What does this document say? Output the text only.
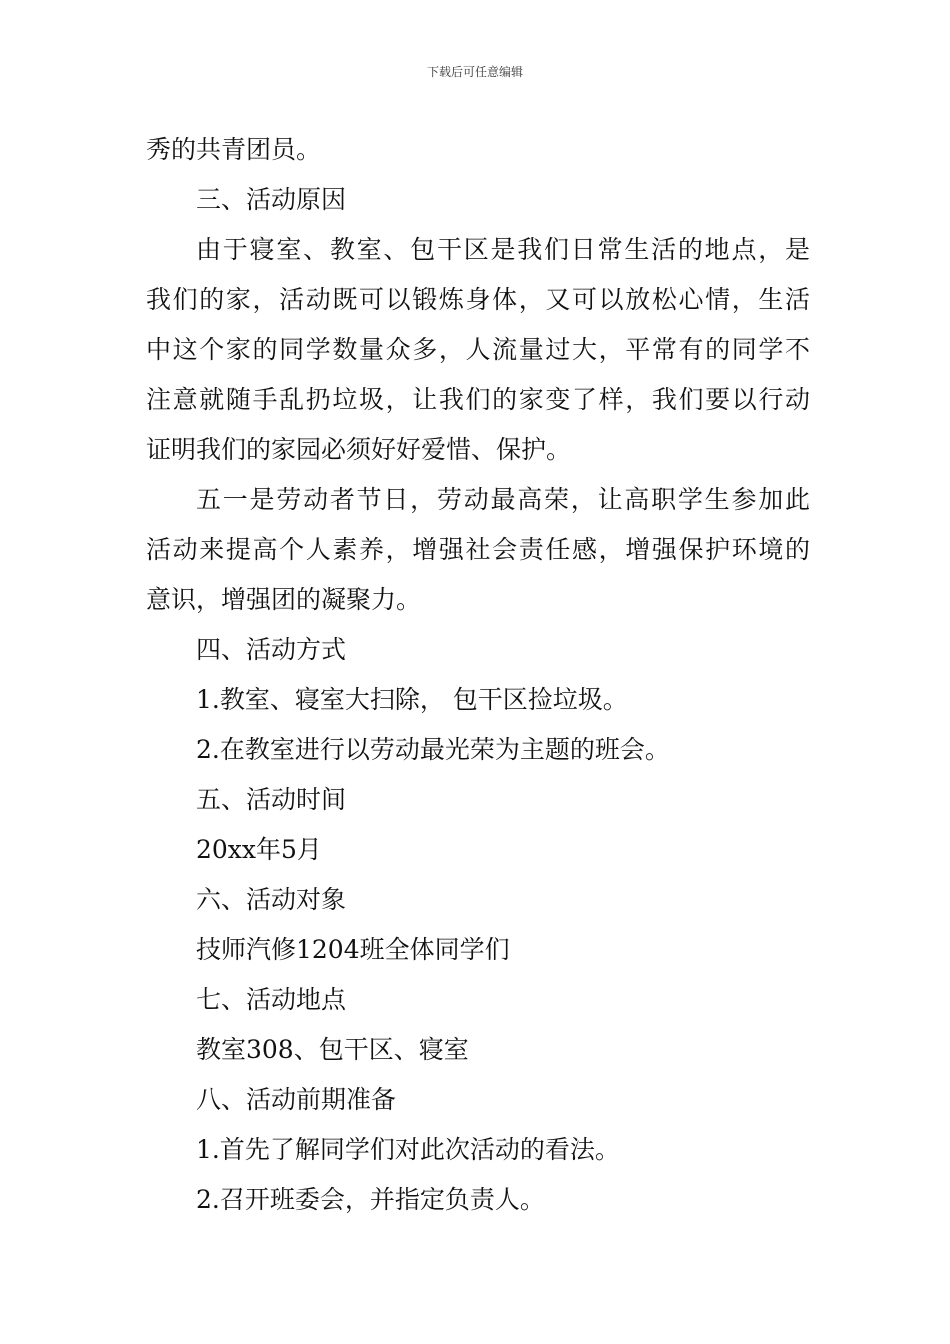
下载后可任意编辑
秀的共青团员。
三、活动原因
由于寝室、教室、包干区是我们日常生活的地点，是
我们的家，活动既可以锻炼身体，又可以放松心情，生活
中这个家的同学数量众多，人流量过大，平常有的同学不
注意就随手乱扔垃圾，让我们的家变了样，我们要以行动
证明我们的家园必须好好爱惜、保护。
五一是劳动者节日，劳动最高荣，让高职学生参加此
活动来提高个人素养，增强社会责任感，增强保护环境的
意识，增强团的凝聚力。
四、活动方式
1.教室、寝室大扫除， 包干区捡垃圾。
2.在教室进行以劳动最光荣为主题的班会。
五、活动时间
20xx年5月
六、活动对象
技师汽修1204班全体同学们
七、活动地点
教室308、包干区、寝室
八、活动前期准备
1.首先了解同学们对此次活动的看法。
2.召开班委会，并指定负责人。
